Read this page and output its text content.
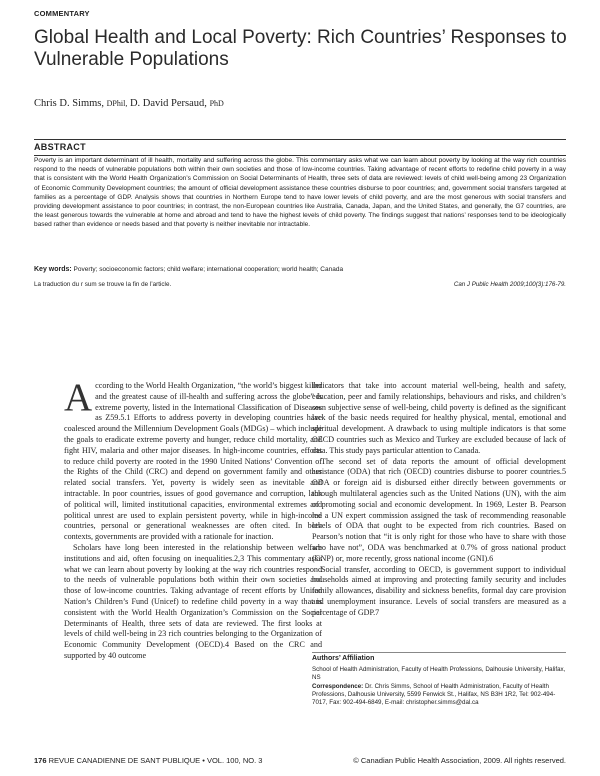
COMMENTARY
Global Health and Local Poverty: Rich Countries’ Responses to Vulnerable Populations
Chris D. Simms, DPhil, D. David Persaud, PhD
ABSTRACT
Poverty is an important determinant of ill health, mortality and suffering across the globe. This commentary asks what we can learn about poverty by looking at the way rich countries respond to the needs of vulnerable populations both within their own societies and those of low-income countries. Taking advantage of recent efforts to redefine child poverty in a way that is consistent with the World Health Organization’s Commission on Social Determinants of Health, three sets of data are reviewed: levels of child well-being among 23 Organization of Economic Community Development countries; the amount of official development assistance these countries disburse to poor countries; and, government social transfers targeted at families as a percentage of GDP. Analysis shows that countries in Northern Europe tend to have lower levels of child poverty, and are the most generous with social transfers and providing development assistance to poor countries; in contrast, the non-European countries like Australia, Canada, Japan, and the United States, and generally, the G7 countries, are the least generous towards the vulnerable at home and abroad and tend to have the highest levels of child poverty. The findings suggest that nations’ responses tend to be ideologically based rather than evidence or needs based and that poverty is neither inevitable nor intractable.
Key words: Poverty; socioeconomic factors; child welfare; international cooperation; world health; Canada
La traduction du r sum se trouve la fin de l’article.	Can J Public Health 2009;100(3):176-79.

According to the World Health Organization, “the world’s biggest killer and the greatest cause of ill-health and suffering across the globe” is extreme poverty, listed in the International Classification of Diseases as Z59.5.1 Efforts to address poverty in developing countries have coalesced around the Millennium Development Goals (MDGs) – which include the goals to eradicate extreme poverty and hunger, reduce child mortality, and fight HIV, malaria and other major diseases. In high-income countries, efforts to reduce child poverty are rooted in the 1990 United Nations’ Convention of the Rights of the Child (CRC) and depend on government family and other related social transfers. Yet, poverty is widely seen as inevitable and intractable. In poor countries, issues of good governance and corruption, lack of political will, limited institutional capacities, environmental extremes and political unrest are used to explain persistent poverty, while in high-income countries, personal or generational weaknesses are often cited. In both contexts, governments are provided with a rationale for inaction.

Scholars have long been interested in the relationship between welfare institutions and aid, often focusing on inequalities.2,3 This commentary asks what we can learn about poverty by looking at the way rich countries respond to the needs of vulnerable populations both within their own societies and those of low-income countries. Taking advantage of recent efforts by United Nation’s Children’s Fund (Unicef) to redefine child poverty in a way that is consistent with the World Health Organization’s Commission on the Social Determinants of Health, three sets of data are reviewed. The first looks at levels of child well-being in 23 rich countries belonging to the Organization of Economic Community Development (OECD).4 Based on the CRC and supported by 40 outcome

indicators that take into account material well-being, health and safety, education, peer and family relationships, behaviours and risks, and children’s own subjective sense of well-being, child poverty is defined as the significant lack of the basic needs required for healthy physical, mental, emotional and spiritual development. A drawback to using multiple indicators is that some OECD countries such as Mexico and Turkey are excluded because of lack of data. This study pays particular attention to Canada.

The second set of data reports the amount of official development assistance (ODA) that rich (OECD) countries disburse to poorer countries.5 ODA or foreign aid is disbursed either directly between governments or through multilateral agencies such as the United Nations (UN), with the aim of promoting social and economic development. In 1969, Lester B. Pearson led a UN expert commission assigned the task of recommending reasonable levels of ODA that ought to be expected from rich countries. Based on Pearson’s notion that “it is only right for those who have to share with those who have not”, ODA was benchmarked at 0.7% of gross national product (GNP) or, more recently, gross national income (GNI).6

Social transfer, according to OECD, is government support to individual households aimed at improving and protecting family security and includes family allowances, disability and sickness benefits, formal day care provision and unemployment insurance. Levels of social transfers are measured as a percentage of GDP.7

Authors’ Affiliation

School of Health Administration, Faculty of Health Professions, Dalhousie University, Halifax, NS

Correspondence: Dr. Chris Simms, School of Health Administration, Faculty of Health Professions, Dalhousie University, 5599 Fenwick St., Halifax, NS B3H 1R2, Tel: 902-494-7017, Fax: 902-494-6849, E-mail: christopher.simms@dal.ca

176 REVUE CANADIENNE DE SANT PUBLIQUE • VOL. 100, NO. 3	© Canadian Public Health Association, 2009. All rights reserved.
